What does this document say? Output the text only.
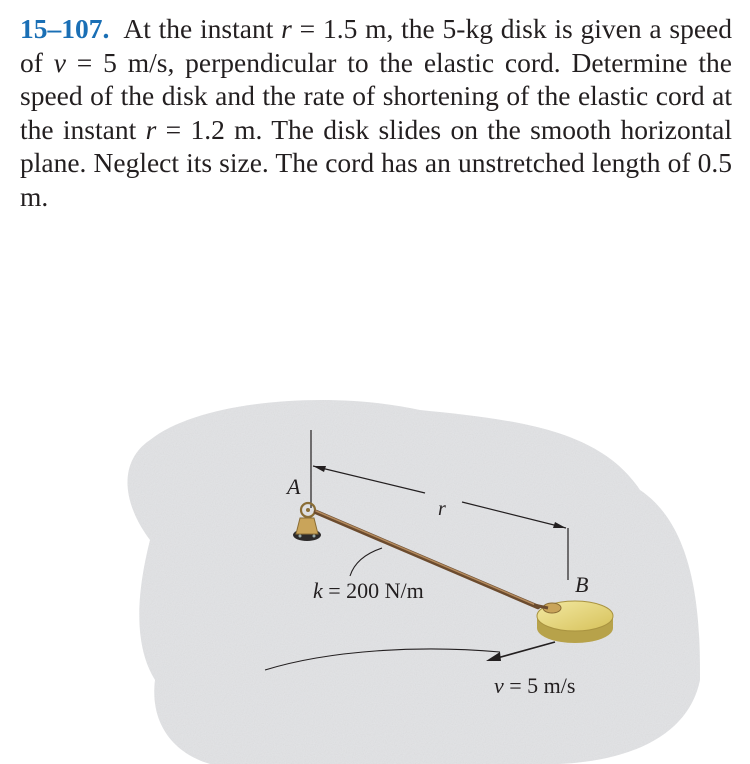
15–107. At the instant r = 1.5 m, the 5-kg disk is given a speed of v = 5 m/s, perpendicular to the elastic cord. Determine the speed of the disk and the rate of shortening of the elastic cord at the instant r = 1.2 m. The disk slides on the smooth horizontal plane. Neglect its size. The cord has an unstretched length of 0.5 m.
A
r
B
k = 200 N/m
v = 5 m/s
